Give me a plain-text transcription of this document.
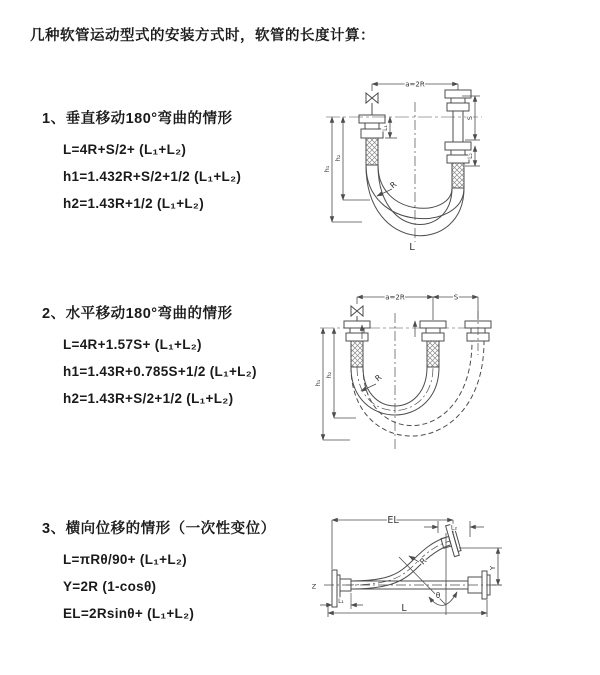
几种软管运动型式的安装方式时，软管的长度计算：
1、垂直移动180°弯曲的情形
L=4R+S/2+ (L₁+L₂)
h1=1.432R+S/2+1/2 (L₁+L₂)
h2=1.43R+1/2 (L₁+L₂)
2、水平移动180°弯曲的情形
L=4R+1.57S+ (L₁+L₂)
h1=1.43R+0.785S+1/2 (L₁+L₂)
h2=1.43R+S/2+1/2 (L₁+L₂)
3、横向位移的情形（一次性变位）
L=πRθ/90+ (L₁+L₂)
Y=2R (1-cosθ)
EL=2Rsinθ+ (L₁+L₂)
a=2R
S
L₂
L₁
h₁
h₂
R
L
a=2R	S
h₁
h₂	R
EL
L₂
Y
θ
R
L
L₁
Z
